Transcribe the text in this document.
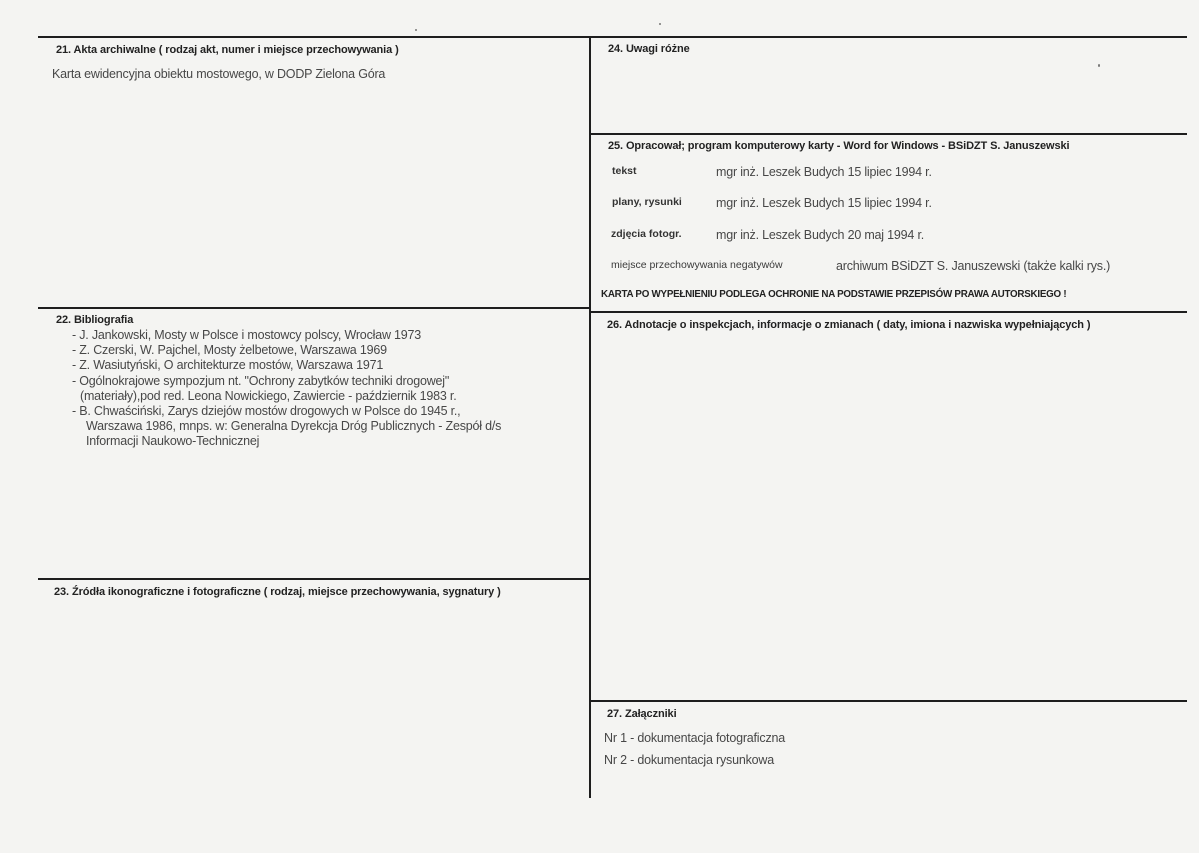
21. Akta archiwalne ( rodzaj akt, numer i miejsce przechowywania )
Karta ewidencyjna obiektu mostowego, w DODP Zielona Góra
22. Bibliografia
- J. Jankowski, Mosty w Polsce i mostowcy polscy, Wrocław 1973
- Z. Czerski, W. Pajchel, Mosty żelbetowe, Warszawa 1969
- Z. Wasiutyński, O architekturze mostów, Warszawa 1971
- Ogólnokrajowe sympozjum nt. "Ochrony zabytków techniki drogowej"
(materiały),pod red. Leona Nowickiego, Zawiercie - październik 1983 r.
- B. Chwaściński, Zarys dziejów mostów drogowych w Polsce do 1945 r.,
Warszawa 1986, mnps. w: Generalna Dyrekcja Dróg Publicznych - Zespół d/s
Informacji Naukowo-Technicznej
23. Źródła ikonograficzne i fotograficzne ( rodzaj, miejsce przechowywania, sygnatury )
24. Uwagi różne
25. Opracował; program komputerowy karty - Word for Windows - BSiDZT S. Januszewski
tekst	mgr inż. Leszek Budych 15 lipiec 1994 r.
plany, rysunki	mgr inż. Leszek Budych 15 lipiec 1994 r.
zdjęcia fotogr.	mgr inż. Leszek Budych 20 maj 1994 r.
miejsce przechowywania negatywów	archiwum BSiDZT S. Januszewski (także kalki rys.)
KARTA PO WYPEŁNIENIU PODLEGA OCHRONIE NA PODSTAWIE PRZEPISÓW PRAWA AUTORSKIEGO !
26. Adnotacje o inspekcjach, informacje o zmianach ( daty, imiona i nazwiska wypełniających )
27. Załączniki
Nr 1 - dokumentacja fotograficzna
Nr 2 - dokumentacja rysunkowa
